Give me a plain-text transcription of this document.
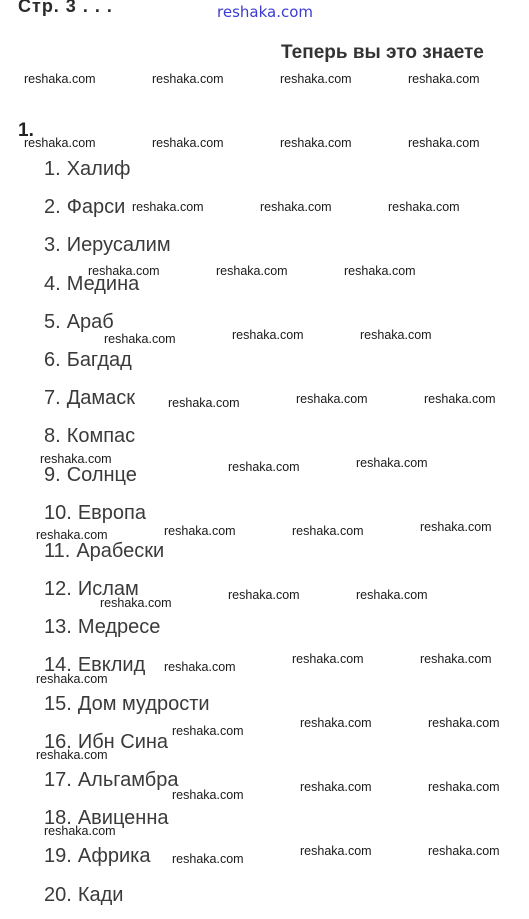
Стр. 3 . . .	reshaka.com
Теперь вы это знаете
1.
1. Халиф
2. Фарси
3. Иерусалим
4. Медина
5. Араб
6. Багдад
7. Дамаск
8. Компас
9. Солнце
10. Европа
11. Арабески
12. Ислам
13. Медресе
14. Евклид
15. Дом мудрости
16. Ибн Сина
17. Альгамбра
18. Авиценна
19. Африка
20. Кади
reshaka.com	reshaka.com	reshaka.com	reshaka.com
reshaka.com	reshaka.com	reshaka.com	reshaka.com
reshaka.com	reshaka.com	reshaka.com
reshaka.com	reshaka.com	reshaka.com
reshaka.com	reshaka.com	reshaka.com
reshaka.com	reshaka.com	reshaka.com
reshaka.com
reshaka.com	reshaka.com
reshaka.com	reshaka.com	reshaka.com	reshaka.com
reshaka.com
reshaka.com	reshaka.com
reshaka.com
reshaka.com	reshaka.com
reshaka.com
reshaka.com
reshaka.com	reshaka.com
reshaka.com
reshaka.com
reshaka.com	reshaka.com
reshaka.com
reshaka.com
reshaka.com	reshaka.com
